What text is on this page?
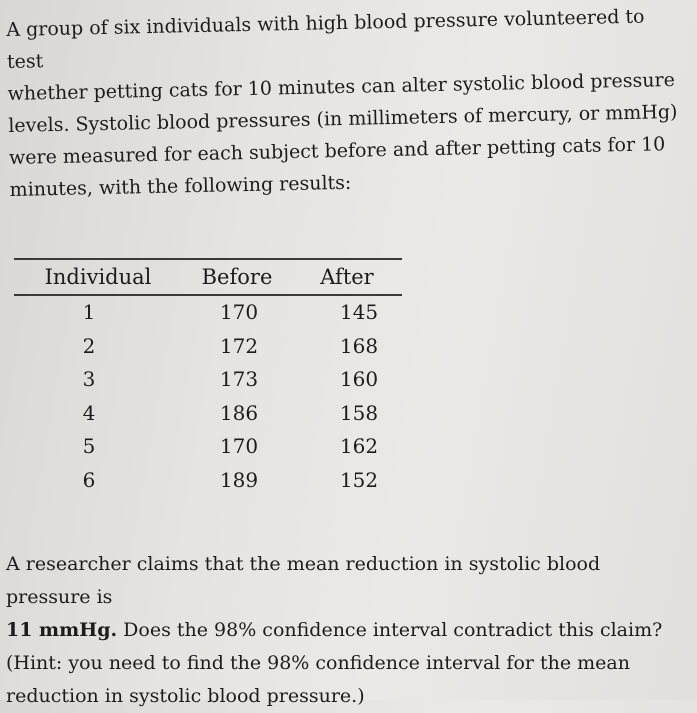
A group of six individuals with high blood pressure volunteered to test

whether petting cats for 10 minutes can alter systolic blood pressure

levels. Systolic blood pressures (in millimeters of mercury, or mmHg)

were measured for each subject before and after petting cats for 10

minutes, with the following results:

Individual	Before	After
1	170	145
2	172	168
3	173	160
4	186	158
5	170	162
6	189	152

A researcher claims that the mean reduction in systolic blood pressure is

11 mmHg. Does the 98% confidence interval contradict this claim?

(Hint: you need to find the 98% confidence interval for the mean

reduction in systolic blood pressure.)
